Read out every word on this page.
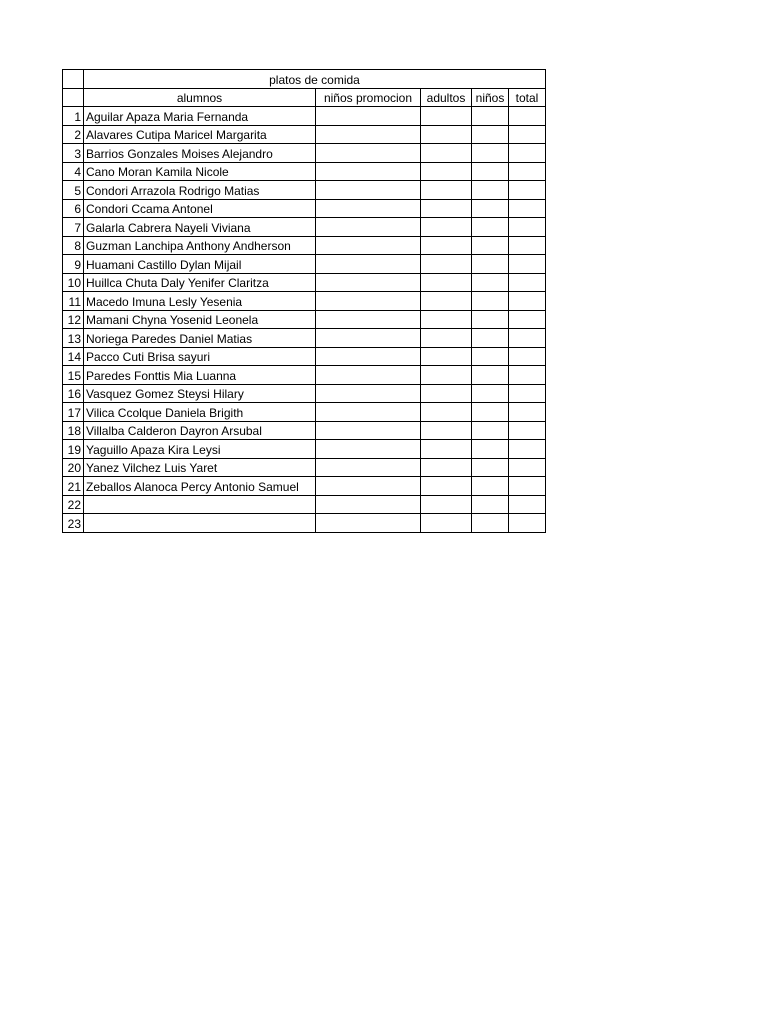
	platos de comida				
	alumnos	niños promocion	adultos	niños	total
1	Aguilar Apaza Maria Fernanda				
2	Alavares Cutipa Maricel Margarita				
3	Barrios Gonzales Moises Alejandro				
4	Cano Moran Kamila Nicole				
5	Condori Arrazola Rodrigo Matias				
6	Condori Ccama Antonel				
7	Galarla Cabrera Nayeli Viviana				
8	Guzman Lanchipa Anthony Andherson				
9	Huamani Castillo Dylan Mijail				
10	Huillca Chuta Daly Yenifer Claritza				
11	Macedo Imuna Lesly Yesenia				
12	Mamani Chyna Yosenid Leonela				
13	Noriega Paredes Daniel Matias				
14	Pacco Cuti Brisa sayuri				
15	Paredes Fonttis Mia Luanna				
16	Vasquez Gomez Steysi Hilary				
17	Vilica Ccolque Daniela Brigith				
18	Villalba Calderon Dayron Arsubal				
19	Yaguillo Apaza Kira Leysi				
20	Yanez Vilchez Luis Yaret				
21	Zeballos Alanoca Percy Antonio Samuel				
22					
23					
